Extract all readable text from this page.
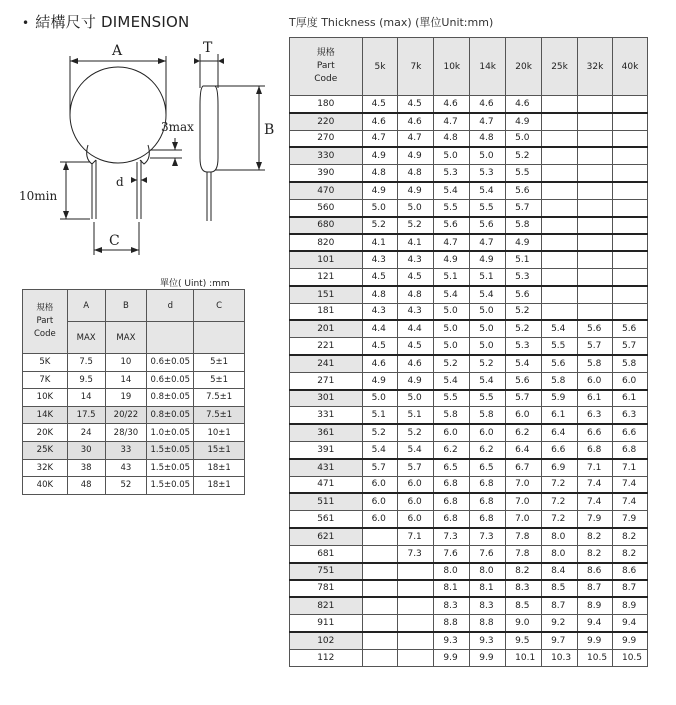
• 結構尺寸 DIMENSION
A	T
B
3max
d
10min
C
單位( Uint) :mm
規格
Part
Code	A	B	d	C
	MAX	MAX		
5K	7.5	10	0.6±0.05	5±1
7K	9.5	14	0.6±0.05	5±1
10K	14	19	0.8±0.05	7.5±1
14K	17.5	20/22	0.8±0.05	7.5±1
20K	24	28/30	1.0±0.05	10±1
25K	30	33	1.5±0.05	15±1
32K	38	43	1.5±0.05	18±1
40K	48	52	1.5±0.05	18±1
T厚度 Thickness (max) (單位Unit:mm)
規格
Part
Code	5k	7k	10k	14k	20k	25k	32k	40k
180	4.5	4.5	4.6	4.6	4.6			
220	4.6	4.6	4.7	4.7	4.9			
270	4.7	4.7	4.8	4.8	5.0			
330	4.9	4.9	5.0	5.0	5.2			
390	4.8	4.8	5.3	5.3	5.5			
470	4.9	4.9	5.4	5.4	5.6			
560	5.0	5.0	5.5	5.5	5.7			
680	5.2	5.2	5.6	5.6	5.8			
820	4.1	4.1	4.7	4.7	4.9			
101	4.3	4.3	4.9	4.9	5.1			
121	4.5	4.5	5.1	5.1	5.3			
151	4.8	4.8	5.4	5.4	5.6			
181	4.3	4.3	5.0	5.0	5.2			
201	4.4	4.4	5.0	5.0	5.2	5.4	5.6	5.6
221	4.5	4.5	5.0	5.0	5.3	5.5	5.7	5.7
241	4.6	4.6	5.2	5.2	5.4	5.6	5.8	5.8
271	4.9	4.9	5.4	5.4	5.6	5.8	6.0	6.0
301	5.0	5.0	5.5	5.5	5.7	5.9	6.1	6.1
331	5.1	5.1	5.8	5.8	6.0	6.1	6.3	6.3
361	5.2	5.2	6.0	6.0	6.2	6.4	6.6	6.6
391	5.4	5.4	6.2	6.2	6.4	6.6	6.8	6.8
431	5.7	5.7	6.5	6.5	6.7	6.9	7.1	7.1
471	6.0	6.0	6.8	6.8	7.0	7.2	7.4	7.4
511	6.0	6.0	6.8	6.8	7.0	7.2	7.4	7.4
561	6.0	6.0	6.8	6.8	7.0	7.2	7.9	7.9
621		7.1	7.3	7.3	7.8	8.0	8.2	8.2
681		7.3	7.6	7.6	7.8	8.0	8.2	8.2
751			8.0	8.0	8.2	8.4	8.6	8.6
781			8.1	8.1	8.3	8.5	8.7	8.7
821			8.3	8.3	8.5	8.7	8.9	8.9
911			8.8	8.8	9.0	9.2	9.4	9.4
102			9.3	9.3	9.5	9.7	9.9	9.9
112			9.9	9.9	10.1	10.3	10.5	10.5
